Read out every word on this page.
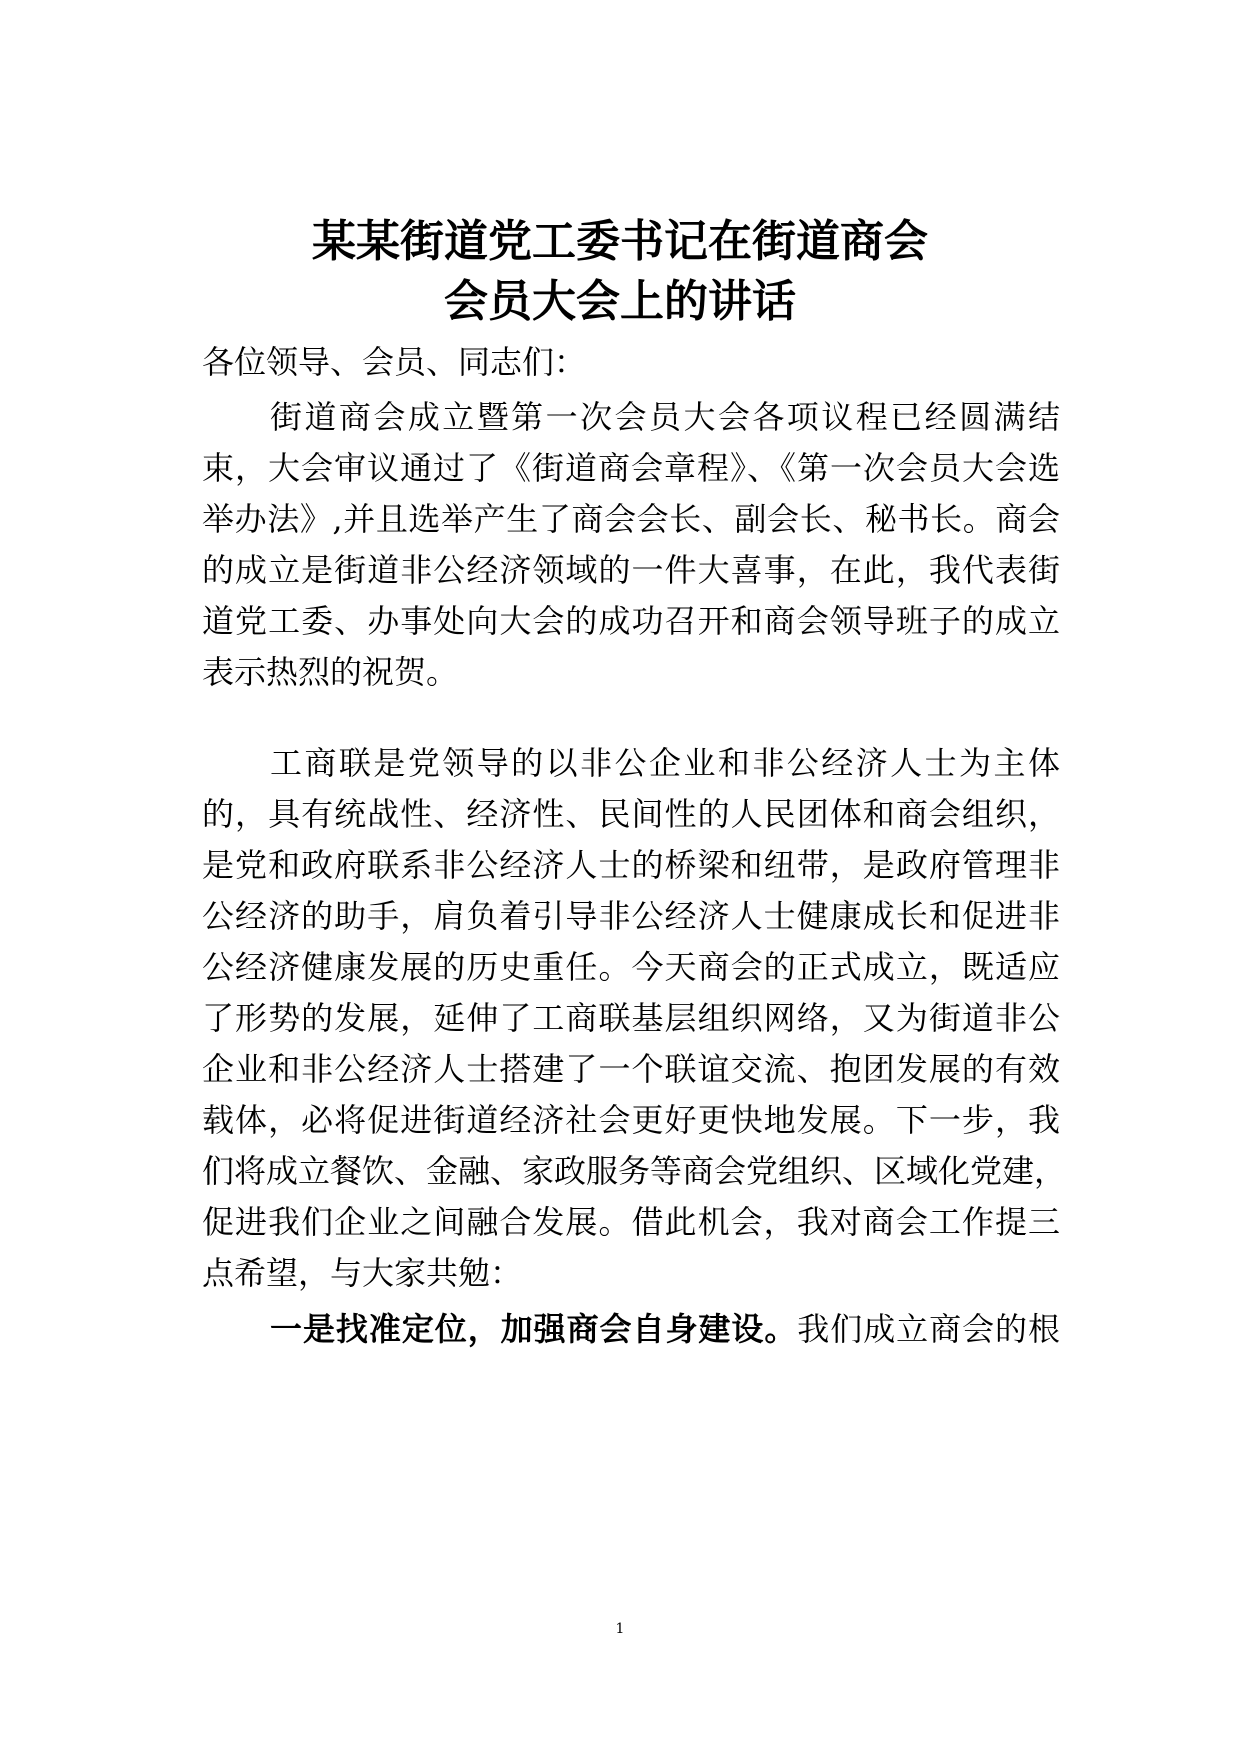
某某街道党工委书记在街道商会
会员大会上的讲话
各位领导、会员、同志们：
街道商会成立暨第一次会员大会各项议程已经圆满结
束，大会审议通过了《街道商会章程》、《第一次会员大会选
举办法》,并且选举产生了商会会长、副会长、秘书长。商会
的成立是街道非公经济领域的一件大喜事，在此，我代表街
道党工委、办事处向大会的成功召开和商会领导班子的成立
表示热烈的祝贺。
工商联是党领导的以非公企业和非公经济人士为主体
的，具有统战性、经济性、民间性的人民团体和商会组织，
是党和政府联系非公经济人士的桥梁和纽带，是政府管理非
公经济的助手，肩负着引导非公经济人士健康成长和促进非
公经济健康发展的历史重任。今天商会的正式成立，既适应
了形势的发展，延伸了工商联基层组织网络，又为街道非公
企业和非公经济人士搭建了一个联谊交流、抱团发展的有效
载体，必将促进街道经济社会更好更快地发展。下一步，我
们将成立餐饮、金融、家政服务等商会党组织、区域化党建，
促进我们企业之间融合发展。借此机会，我对商会工作提三
点希望，与大家共勉：
一是找准定位，加强商会自身建设。我们成立商会的根
1
